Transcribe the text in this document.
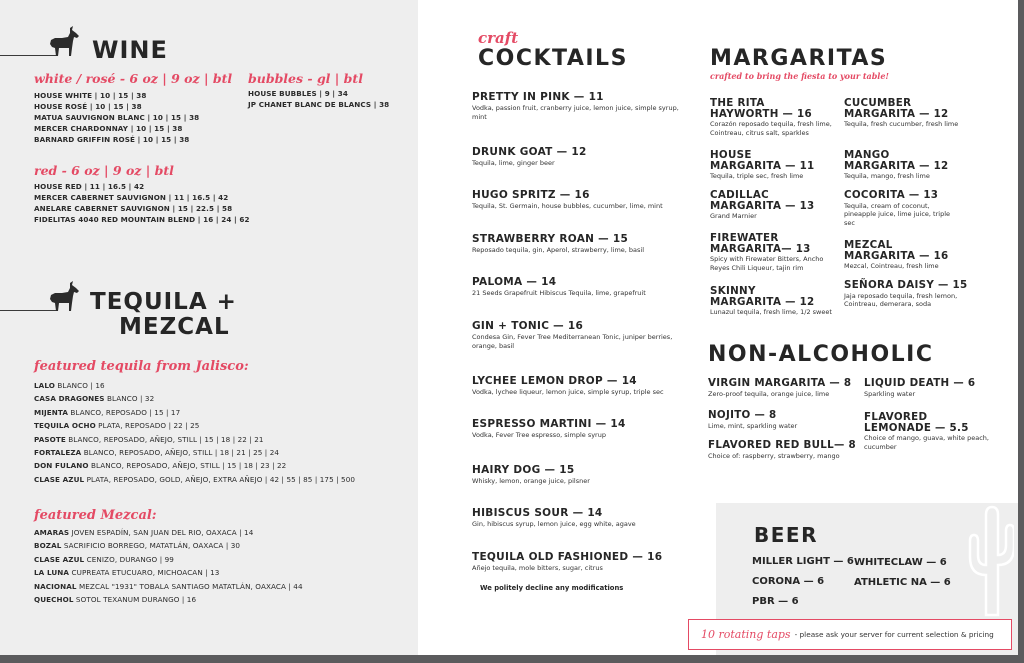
WINE

white / rosé - 6 oz | 9 oz | btl

HOUSE WHITE | 10 | 15 | 38
HOUSE ROSÉ | 10 | 15 | 38
MATUA SAUVIGNON BLANC | 10 | 15 | 38
MERCER CHARDONNAY | 10 | 15 | 38
BARNARD GRIFFIN ROSÉ | 10 | 15 | 38

bubbles - gl | btl

HOUSE BUBBLES | 9 | 34
JP CHANET BLANC DE BLANCS | 38

red - 6 oz | 9 oz | btl

HOUSE RED | 11 | 16.5 | 42
MERCER CABERNET SAUVIGNON | 11 | 16.5 | 42
ANELARE CABERNET SAUVIGNON | 15 | 22.5 | 58
FIDELITAS 4040 RED MOUNTAIN BLEND | 16 | 24 | 62
TEQUILA +
MEZCAL

featured tequila from Jalisco:

LALO BLANCO | 16
CASA DRAGONES BLANCO | 32
MIJENTA BLANCO, REPOSADO | 15 | 17
TEQUILA OCHO PLATA, REPOSADO | 22 | 25
PASOTE BLANCO, REPOSADO, AÑEJO, STILL | 15 | 18 | 22 | 21
FORTALEZA BLANCO, REPOSADO, AÑEJO, STILL | 18 | 21 | 25 | 24
DON FULANO BLANCO, REPOSADO, AÑEJO, STILL | 15 | 18 | 23 | 22
CLASE AZUL PLATA, REPOSADO, GOLD, AÑEJO, EXTRA AÑEJO | 42 | 55 | 85 | 175 | 500

featured Mezcal:

AMARAS JOVEN ESPADÍN, SAN JUAN DEL RIO, OAXACA | 14
BOZAL SACRIFICIO BORREGO, MATATLÁN, OAXACA | 30
CLASE AZUL CENIZO, DURANGO | 99
LA LUNA CUPREATA ETUCUARO, MICHOACAN | 13
NACIONAL MEZCAL "1931" TOBALA SANTIAGO MATATLÁN, OAXACA | 44
QUECHOL SOTOL TEXANUM DURANGO | 16

craft

COCKTAILS
PRETTY IN PINK — 11
Vodka, passion fruit, cranberry juice, lemon juice, simple syrup, mint
DRUNK GOAT — 12
Tequila, lime, ginger beer
HUGO SPRITZ — 16
Tequila, St. Germain, house bubbles, cucumber, lime, mint
STRAWBERRY ROAN — 15
Reposado tequila, gin, Aperol, strawberry, lime, basil
PALOMA — 14
21 Seeds Grapefruit Hibiscus Tequila, lime, grapefruit
GIN + TONIC — 16
Condesa Gin, Fever Tree Mediterranean Tonic, juniper berries, orange, basil
LYCHEE LEMON DROP — 14
Vodka, lychee liqueur, lemon juice, simple syrup, triple sec
ESPRESSO MARTINI — 14
Vodka, Fever Tree espresso, simple syrup
HAIRY DOG — 15
Whisky, lemon, orange juice, pilsner
HIBISCUS SOUR — 14
Gin, hibiscus syrup, lemon juice, egg white, agave
TEQUILA OLD FASHIONED — 16
Añejo tequila, mole bitters, sugar, citrus
We politely decline any modifications
MARGARITAS

crafted to bring the fiesta to your table!

THE RITA
HAYWORTH — 16
Corazón reposado tequila, fresh lime, Cointreau, citrus salt, sparkles
HOUSE
MARGARITA — 11
Tequila, triple sec, fresh lime
CADILLAC
MARGARITA — 13
Grand Marnier
FIREWATER
MARGARITA— 13
Spicy with Firewater Bitters, Ancho Reyes Chili Liqueur, tajin rim
SKINNY
MARGARITA — 12
Lunazul tequila, fresh lime, 1/2 sweet
CUCUMBER
MARGARITA — 12
Tequila, fresh cucumber, fresh lime
MANGO
MARGARITA — 12
Tequila, mango, fresh lime
COCORITA — 13
Tequila, cream of coconut, pineapple juice, lime juice, triple sec
MEZCAL
MARGARITA — 16
Mezcal, Cointreau, fresh lime
SEÑORA DAISY — 15
Jaja reposado tequila, fresh lemon, Cointreau, demerara, soda
NON-ALCOHOLIC
VIRGIN MARGARITA — 8
Zero-proof tequila, orange juice, lime
NOJITO — 8
Lime, mint, sparkling water
FLAVORED RED BULL— 8
Choice of: raspberry, strawberry, mango
LIQUID DEATH — 6
Sparkling water
FLAVORED
LEMONADE — 5.5
Choice of mango, guava, white peach, cucumber
BEER
MILLER LIGHT — 6
CORONA — 6
PBR — 6
WHITECLAW — 6
ATHLETIC NA — 6
10 rotating taps - please ask your server for current selection & pricing
